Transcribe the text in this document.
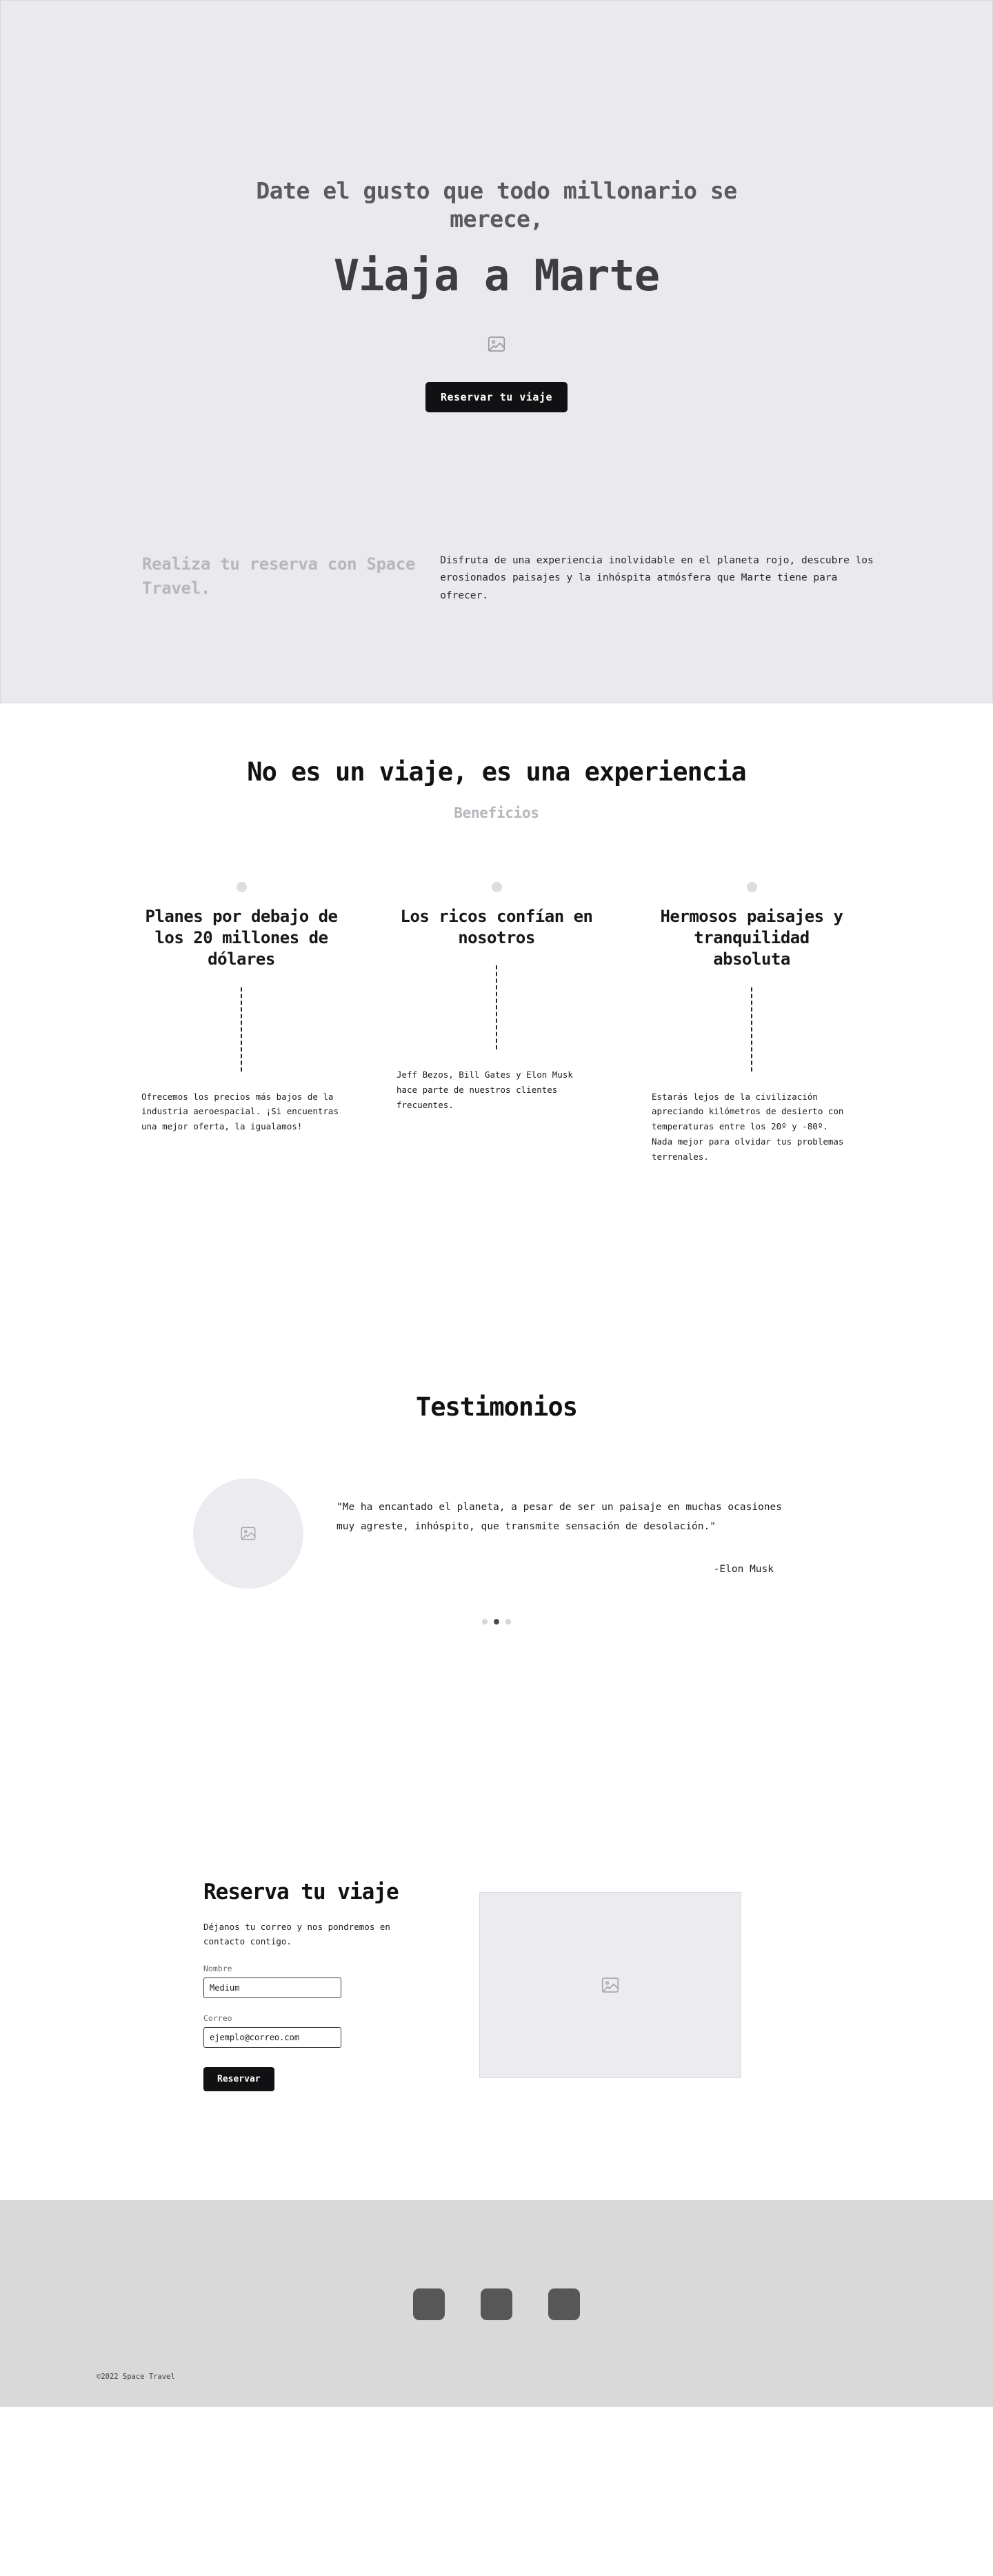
Date el gusto que todo millonario se merece,
Viaja a Marte
Reservar tu viaje
Realiza tu reserva con Space Travel.
Disfruta de una experiencia inolvidable en el planeta rojo, descubre los erosionados paisajes y la inhóspita atmósfera que Marte tiene para ofrecer.
No es un viaje, es una experiencia
Beneficios
Planes por debajo de los 20 millones de dólares
Ofrecemos los precios más bajos de la industria aeroespacial. ¡Si encuentras una mejor oferta, la igualamos!
Los ricos confían en nosotros
Jeff Bezos, Bill Gates y Elon Musk hace parte de nuestros clientes frecuentes.
Hermosos paisajes y tranquilidad absoluta
Estarás lejos de la civilización apreciando kilómetros de desierto con temperaturas entre los 20º y -80º. Nada mejor para olvidar tus problemas terrenales.
Testimonios
"Me ha encantado el planeta, a pesar de ser un paisaje en muchas ocasiones muy agreste, inhóspito, que transmite sensación de desolación."
-Elon Musk
Reserva tu viaje
Déjanos tu correo y nos pondremos en contacto contigo.
Nombre
Medium
Correo
ejemplo@correo.com
Reservar
©2022 Space Travel
